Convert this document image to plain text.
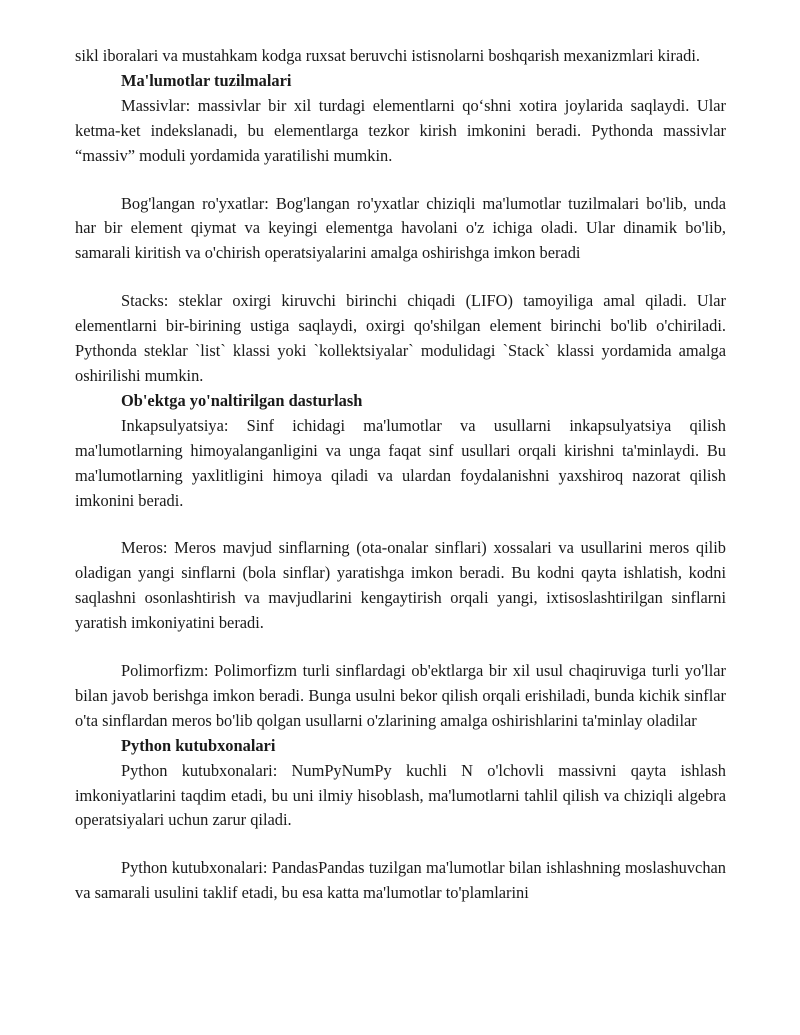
sikl iboralari va mustahkam kodga ruxsat beruvchi istisnolarni boshqarish mexanizmlari kiradi.

Ma'lumotlar tuzilmalari

Massivlar: massivlar bir xil turdagi elementlarni qo‘shni xotira joylarida saqlaydi. Ular ketma-ket indekslanadi, bu elementlarga tezkor kirish imkonini beradi. Pythonda massivlar “massiv” moduli yordamida yaratilishi mumkin.

Bog'langan ro'yxatlar: Bog'langan ro'yxatlar chiziqli ma'lumotlar tuzilmalari bo'lib, unda har bir element qiymat va keyingi elementga havolani o'z ichiga oladi. Ular dinamik bo'lib, samarali kiritish va o'chirish operatsiyalarini amalga oshirishga imkon beradi

Stacks: steklar oxirgi kiruvchi birinchi chiqadi (LIFO) tamoyiliga amal qiladi. Ular elementlarni bir-birining ustiga saqlaydi, oxirgi qo'shilgan element birinchi bo'lib o'chiriladi. Pythonda steklar `list` klassi yoki `kollektsiyalar` modulidagi `Stack` klassi yordamida amalga oshirilishi mumkin.

Ob'ektga yo'naltirilgan dasturlash

Inkapsulyatsiya: Sinf ichidagi ma'lumotlar va usullarni inkapsulyatsiya qilish ma'lumotlarning himoyalanganligini va unga faqat sinf usullari orqali kirishni ta'minlaydi. Bu ma'lumotlarning yaxlitligini himoya qiladi va ulardan foydalanishni yaxshiroq nazorat qilish imkonini beradi.

Meros: Meros mavjud sinflarning (ota-onalar sinflari) xossalari va usullarini meros qilib oladigan yangi sinflarni (bola sinflar) yaratishga imkon beradi. Bu kodni qayta ishlatish, kodni saqlashni osonlashtirish va mavjudlarini kengaytirish orqali yangi, ixtisoslashtirilgan sinflarni yaratish imkoniyatini beradi.

Polimorfizm: Polimorfizm turli sinflardagi ob'ektlarga bir xil usul chaqiruviga turli yo'llar bilan javob berishga imkon beradi. Bunga usulni bekor qilish orqali erishiladi, bunda kichik sinflar o'ta sinflardan meros bo'lib qolgan usullarni o'zlarining amalga oshirishlarini ta'minlay oladilar

Python kutubxonalari

Python kutubxonalari: NumPyNumPy kuchli N o'lchovli massivni qayta ishlash imkoniyatlarini taqdim etadi, bu uni ilmiy hisoblash, ma'lumotlarni tahlil qilish va chiziqli algebra operatsiyalari uchun zarur qiladi.

Python kutubxonalari: PandasPandas tuzilgan ma'lumotlar bilan ishlashning moslashuvchan va samarali usulini taklif etadi, bu esa katta ma'lumotlar to'plamlarini
